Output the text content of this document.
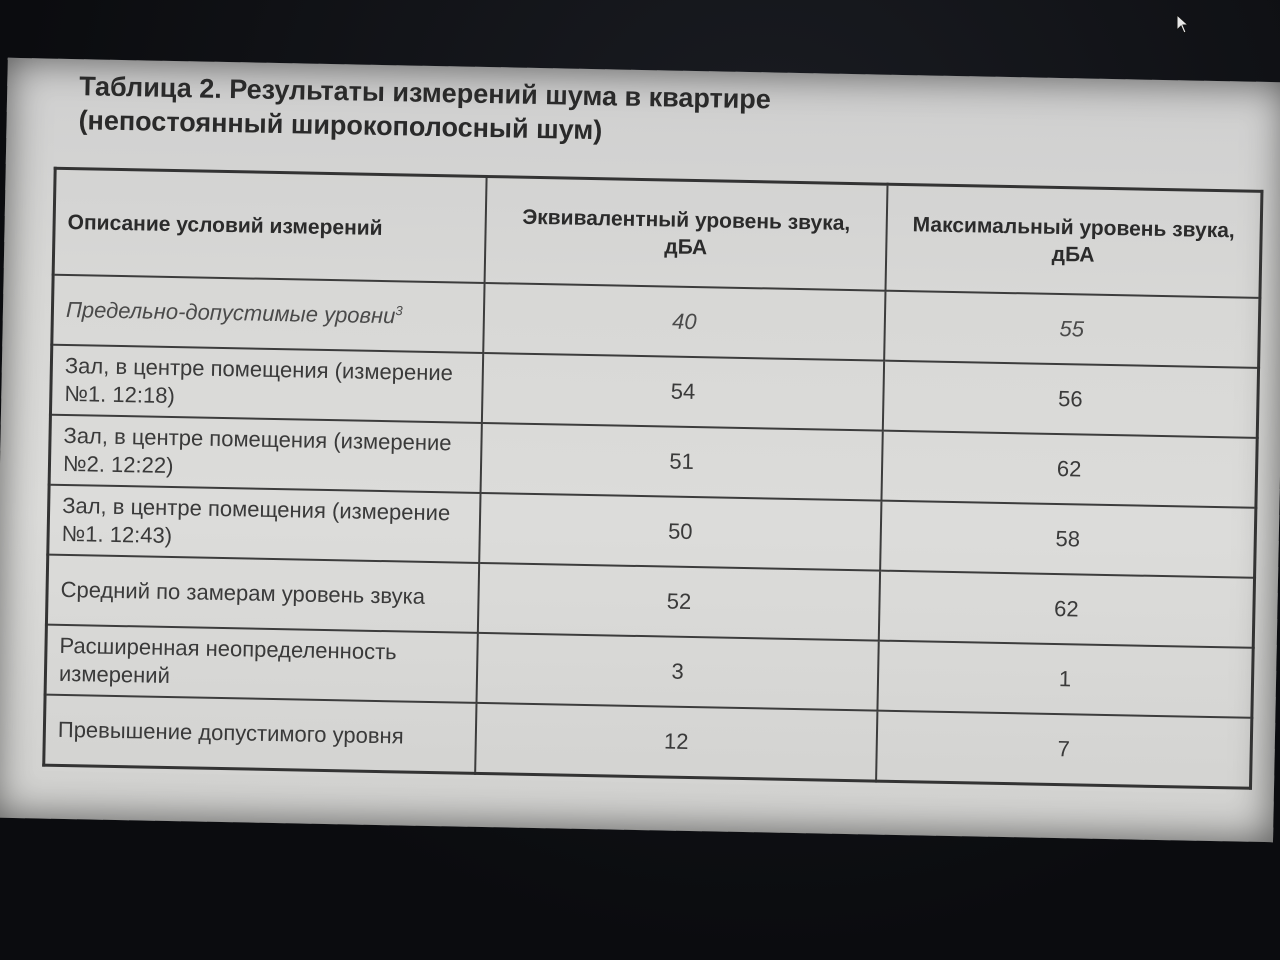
Таблица 2. Результаты измерений шума в квартире
(непостоянный широкополосный шум)
Описание условий измерений	Эквивалентный уровень звука, дБА	Максимальный уровень звука, дБА
Предельно-допустимые уровни$^3$	40	55
Зал, в центре помещения (измерение №1. 12:18)	54	56
Зал, в центре помещения (измерение №2. 12:22)	51	62
Зал, в центре помещения (измерение №1. 12:43)	50	58
Средний по замерам уровень звука	52	62
Расширенная неопределенность измерений	3	1
Превышение допустимого уровня	12	7
